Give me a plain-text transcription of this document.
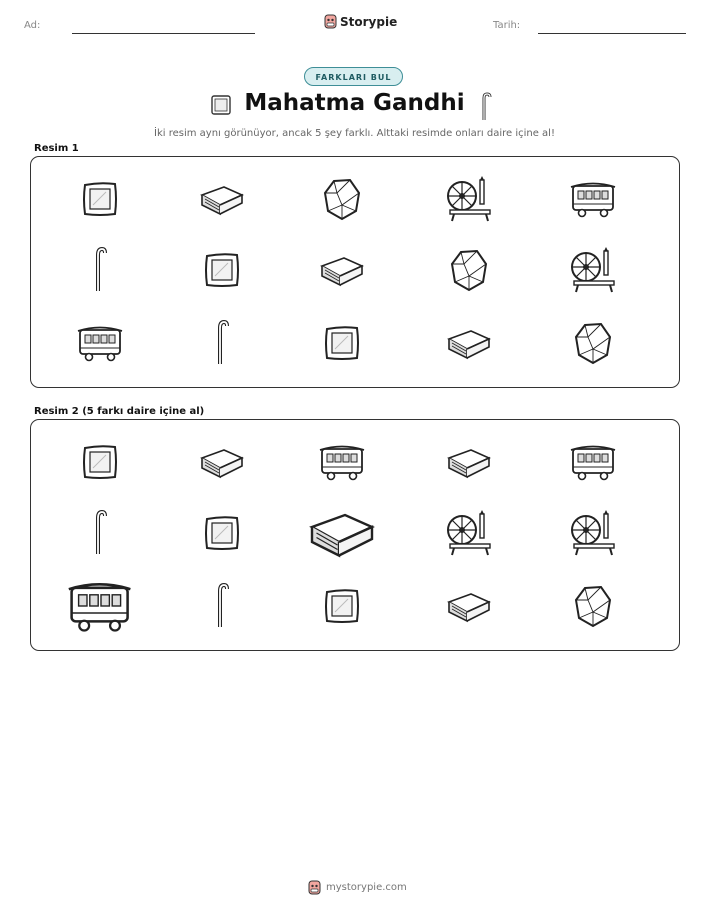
Ad:	Storypie	Tarih:
FARKLARI BUL
Mahatma Gandhi
İki resim aynı görünüyor, ancak 5 şey farklı. Alttaki resimde onları daire içine al!
Resim 1
Resim 2 (5 farkı daire içine al)
mystorypie.com
